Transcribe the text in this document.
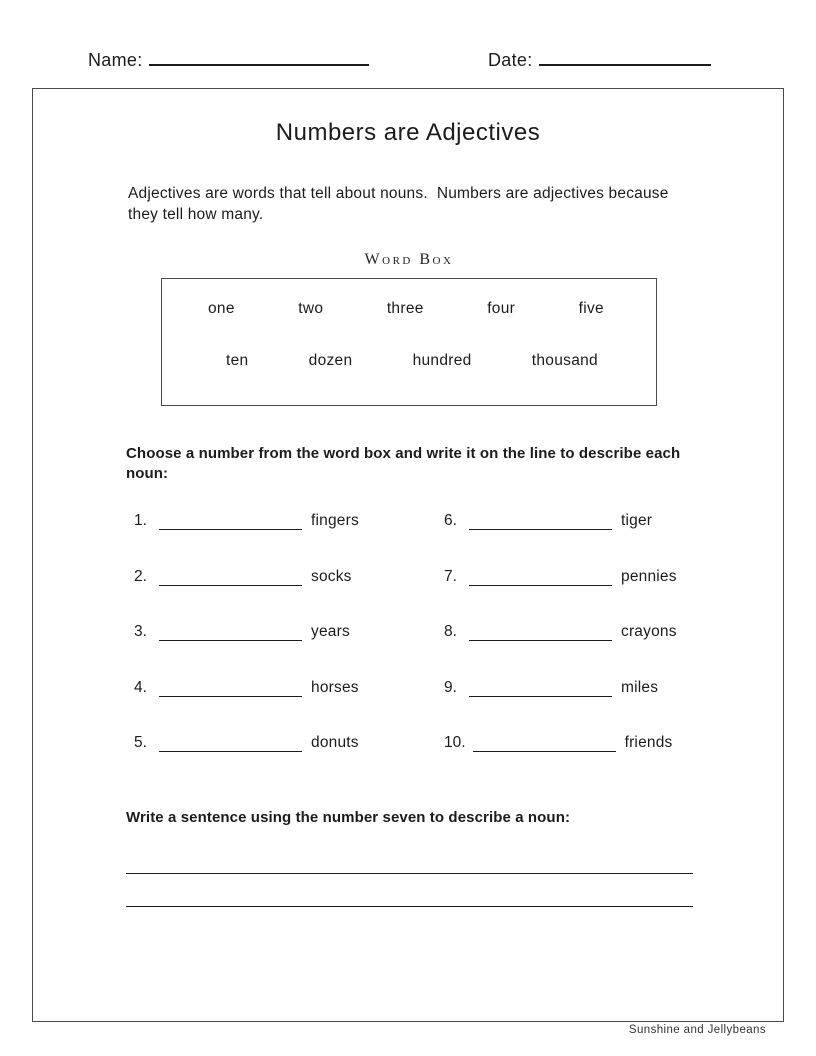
Name:	Date:
Numbers are Adjectives
Adjectives are words that tell about nouns.  Numbers are adjectives because they tell how many.
Word Box
one	two	three	four	five
ten	dozen	hundred	thousand
Choose a number from the word box and write it on the line to describe each noun:
1.	fingers
2.	socks
3.	years
4.	horses
5.	donuts
6.	tiger
7.	pennies
8.	crayons
9.	miles
10.	friends
Write a sentence using the number seven to describe a noun:
Sunshine and Jellybeans
